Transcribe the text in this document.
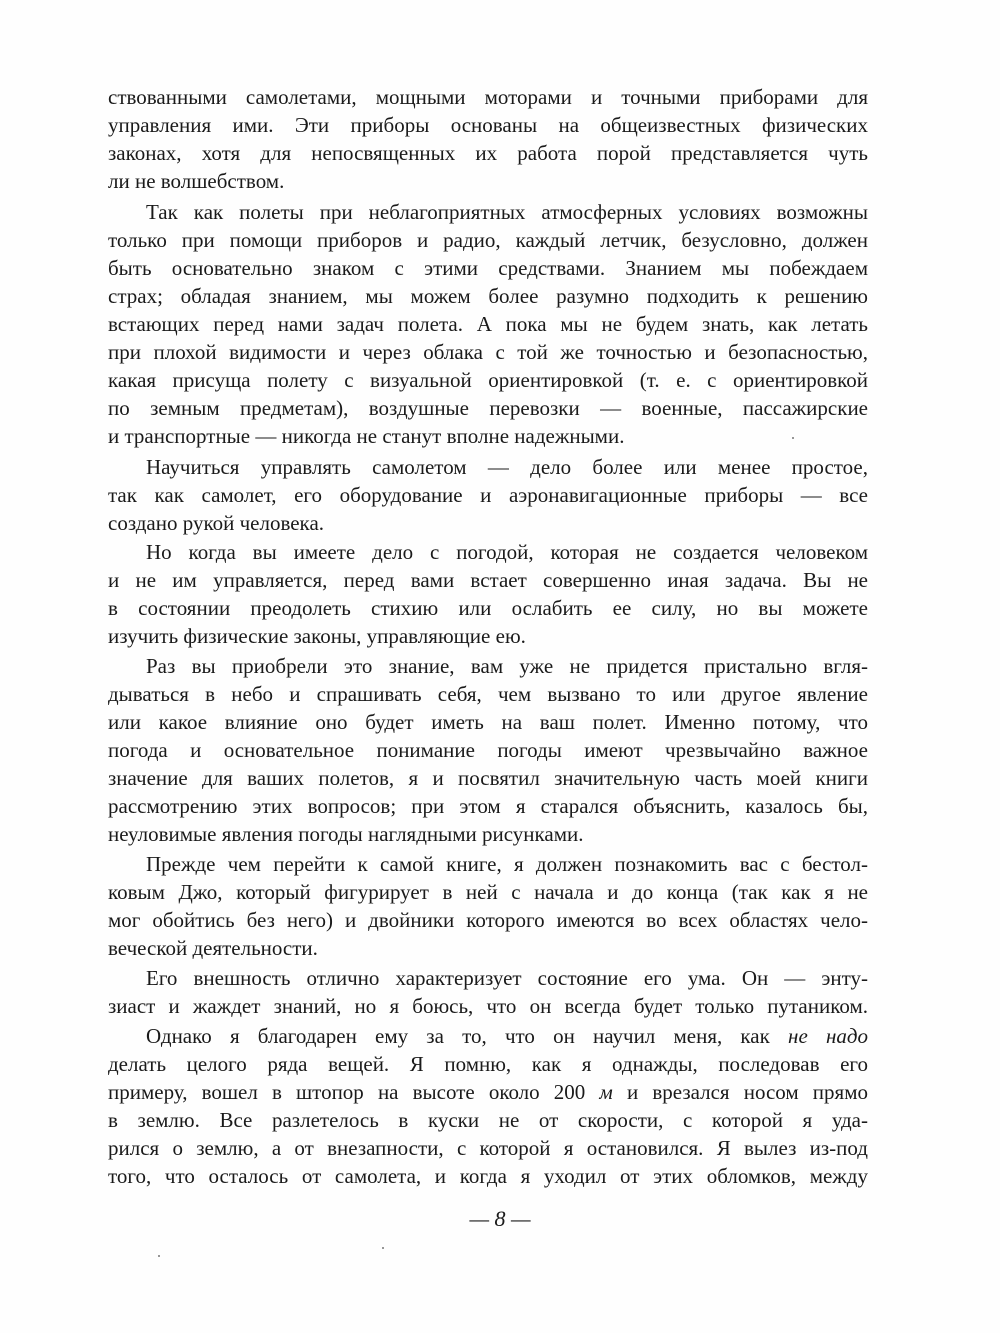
ствованными самолетами, мощными моторами и точными приборами для
управления ими. Эти приборы основаны на общеизвестных физических
законах, хотя для непосвященных их работа порой представляется чуть
ли не волшебством.
Так как полеты при неблагоприятных атмосферных условиях возможны
только при помощи приборов и радио, каждый летчик, безусловно, должен
быть основательно знаком с этими средствами. Знанием мы побеждаем
страх; обладая знанием, мы можем более разумно подходить к решению
встающих перед нами задач полета. А пока мы не будем знать, как летать
при плохой видимости и через облака с той же точностью и безопасностью,
какая присуща полету с визуальной ориентировкой (т. е. с ориентировкой
по земным предметам), воздушные перевозки — военные, пассажирские
и транспортные — никогда не станут вполне надежными.
Научиться управлять самолетом — дело более или менее простое,
так как самолет, его оборудование и аэронавигационные приборы — все
создано рукой человека.
Но когда вы имеете дело с погодой, которая не создается человеком
и не им управляется, перед вами встает совершенно иная задача. Вы не
в состоянии преодолеть стихию или ослабить ее силу, но вы можете
изучить физические законы, управляющие ею.
Раз вы приобрели это знание, вам уже не придется пристально вгля-
дываться в небо и спрашивать себя, чем вызвано то или другое явление
или какое влияние оно будет иметь на ваш полет. Именно потому, что
погода и основательное понимание погоды имеют чрезвычайно важное
значение для ваших полетов, я и посвятил значительную часть моей книги
рассмотрению этих вопросов; при этом я старался объяснить, казалось бы,
неуловимые явления погоды наглядными рисунками.
Прежде чем перейти к самой книге, я должен познакомить вас с бестол-
ковым Джо, который фигурирует в ней с начала и до конца (так как я не
мог обойтись без него) и двойники которого имеются во всех областях чело-
веческой деятельности.
Его внешность отлично характеризует состояние его ума. Он — энту-
зиаст и жаждет знаний, но я боюсь, что он всегда будет только путаником.
Однако я благодарен ему за то, что он научил меня, как не надо
делать целого ряда вещей. Я помню, как я однажды, последовав его
примеру, вошел в штопор на высоте около 200 м и врезался носом прямо
в землю. Все разлетелось в куски не от скорости, с которой я уда-
рился о землю, а от внезапности, с которой я остановился. Я вылез из-под
того, что осталось от самолета, и когда я уходил от этих обломков, между
— 8 —
